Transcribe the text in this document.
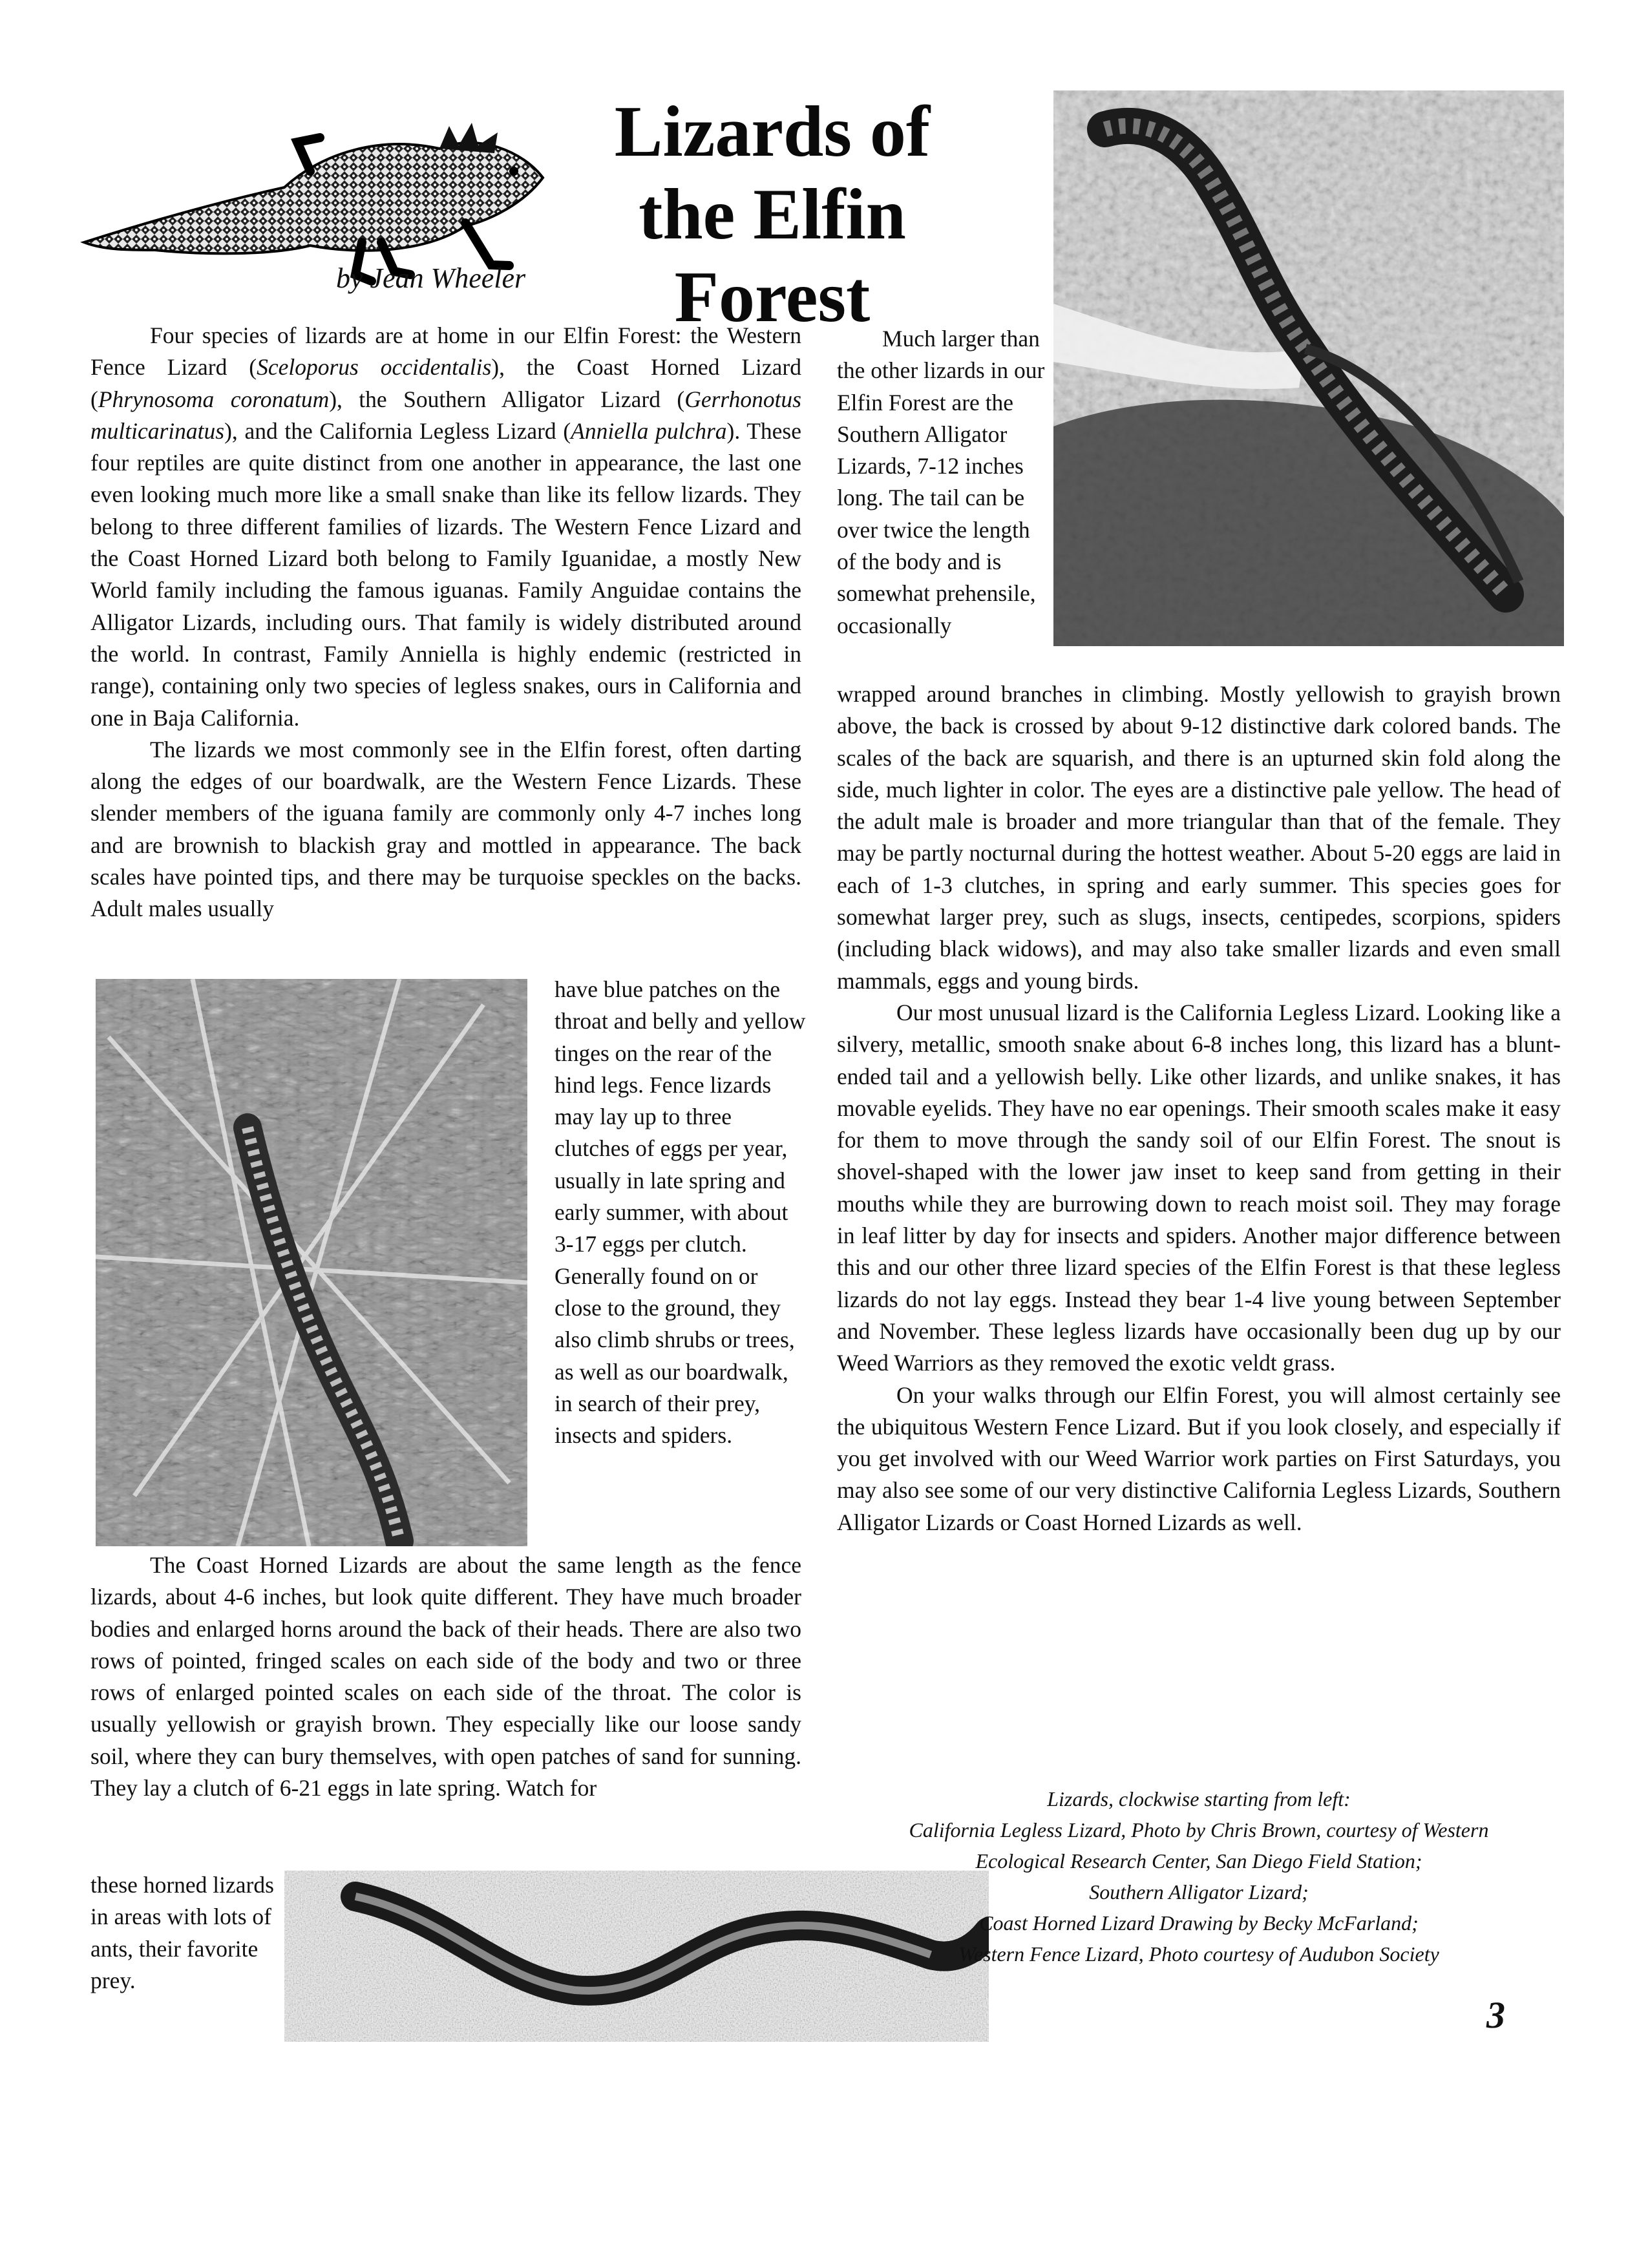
Lizards of
the Elfin Forest
by Jean Wheeler

Four species of lizards are at home in our Elfin Forest: the Western Fence Lizard (Sceloporus occidentalis), the Coast Horned Lizard (Phrynosoma coronatum), the Southern Alligator Lizard (Gerrhonotus multicarinatus), and the California Legless Lizard (Anniella pulchra). These four reptiles are quite distinct from one another in appearance, the last one even looking much more like a small snake than like its fellow lizards. They belong to three different families of lizards. The Western Fence Lizard and the Coast Horned Lizard both belong to Family Iguanidae, a mostly New World family including the famous iguanas. Family Anguidae contains the Alligator Lizards, including ours. That family is widely distributed around the world. In contrast, Family Anniella is highly endemic (restricted in range), containing only two species of legless snakes, ours in California and one in Baja California.

The lizards we most commonly see in the Elfin forest, often darting along the edges of our boardwalk, are the Western Fence Lizards. These slender members of the iguana family are commonly only 4-7 inches long and are brownish to blackish gray and mottled in appearance. The back scales have pointed tips, and there may be turquoise speckles on the backs. Adult males usually

have blue patches on the throat and belly and yellow tinges on the rear of the hind legs. Fence lizards may lay up to three clutches of eggs per year, usually in late spring and early summer, with about 3-17 eggs per clutch. Generally found on or close to the ground, they also climb shrubs or trees, as well as our boardwalk, in search of their prey, insects and spiders.

The Coast Horned Lizards are about the same length as the fence lizards, about 4-6 inches, but look quite different. They have much broader bodies and enlarged horns around the back of their heads. There are also two rows of pointed, fringed scales on each side of the body and two or three rows of enlarged pointed scales on each side of the throat. The color is usually yellowish or grayish brown. They especially like our loose sandy soil, where they can bury themselves, with open patches of sand for sunning. They lay a clutch of 6-21 eggs in late spring. Watch for

these horned lizards in areas with lots of ants, their favorite prey.
Much larger than the other lizards in our Elfin Forest are the Southern Alligator Lizards, 7-12 inches long. The tail can be over twice the length of the body and is somewhat prehensile, occasionally

wrapped around branches in climbing. Mostly yellowish to grayish brown above, the back is crossed by about 9-12 distinctive dark colored bands. The scales of the back are squarish, and there is an upturned skin fold along the side, much lighter in color. The eyes are a distinctive pale yellow. The head of the adult male is broader and more triangular than that of the female. They may be partly nocturnal during the hottest weather. About 5-20 eggs are laid in each of 1-3 clutches, in spring and early summer. This species goes for somewhat larger prey, such as slugs, insects, centipedes, scorpions, spiders (including black widows), and may also take smaller lizards and even small mammals, eggs and young birds.

Our most unusual lizard is the California Legless Lizard. Looking like a silvery, metallic, smooth snake about 6-8 inches long, this lizard has a blunt-ended tail and a yellowish belly. Like other lizards, and unlike snakes, it has movable eyelids. They have no ear openings. Their smooth scales make it easy for them to move through the sandy soil of our Elfin Forest. The snout is shovel-shaped with the lower jaw inset to keep sand from getting in their mouths while they are burrowing down to reach moist soil. They may forage in leaf litter by day for insects and spiders. Another major difference between this and our other three lizard species of the Elfin Forest is that these legless lizards do not lay eggs. Instead they bear 1-4 live young between September and November. These legless lizards have occasionally been dug up by our Weed Warriors as they removed the exotic veldt grass.

On your walks through our Elfin Forest, you will almost certainly see the ubiquitous Western Fence Lizard. But if you look closely, and especially if you get involved with our Weed Warrior work parties on First Saturdays, you may also see some of our very distinctive California Legless Lizards, Southern Alligator Lizards or Coast Horned Lizards as well.

Lizards, clockwise starting from left:
California Legless Lizard, Photo by Chris Brown, courtesy of Western
Ecological Research Center, San Diego Field Station;
Southern Alligator Lizard;
Coast Horned Lizard Drawing by Becky McFarland;
Western Fence Lizard, Photo courtesy of Audubon Society
3
